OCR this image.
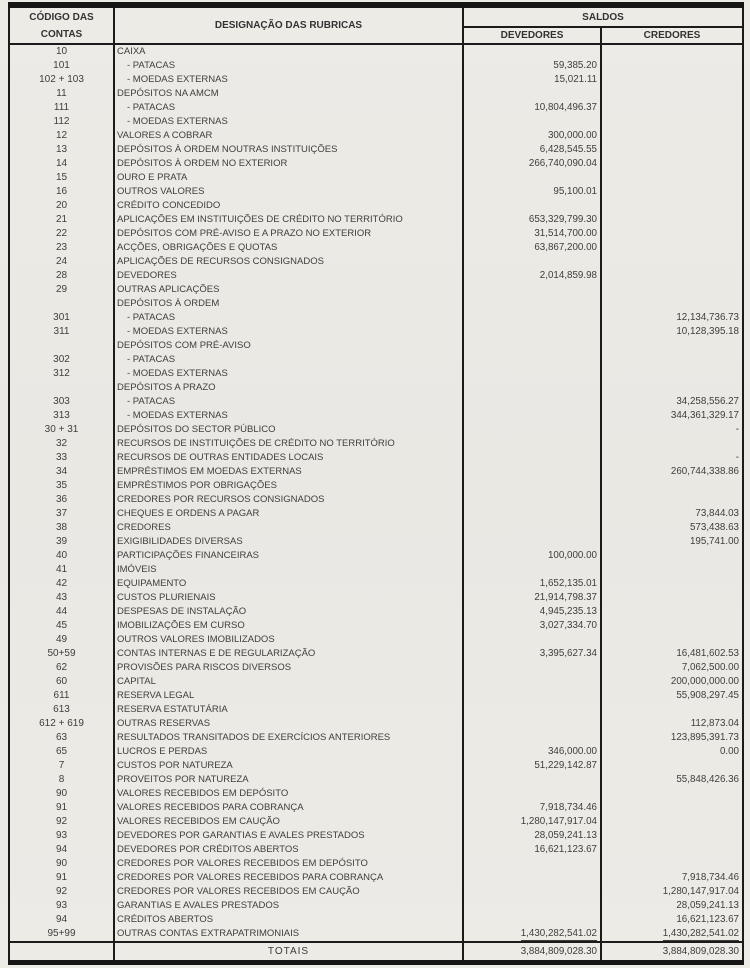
CÓDIGO DAS
CONTAS	DESIGNAÇÃO DAS RUBRICAS	SALDOS	
		DEVEDORES	CREDORES
10	CAIXA		
101	- PATACAS	59,385.20	
102 + 103	- MOEDAS EXTERNAS	15,021.11	
11	DEPÓSITOS NA AMCM		
111	- PATACAS	10,804,496.37	
112	- MOEDAS EXTERNAS		
12	VALORES A COBRAR	300,000.00	
13	DEPÓSITOS À ORDEM NOUTRAS INSTITUIÇÕES	6,428,545.55	
14	DEPÓSITOS À ORDEM NO EXTERIOR	266,740,090.04	
15	OURO E PRATA		
16	OUTROS VALORES	95,100.01	
20	CRÉDITO CONCEDIDO		
21	APLICAÇÕES EM INSTITUIÇÕES DE CRÉDITO NO TERRITÓRIO	653,329,799.30	
22	DEPÓSITOS COM PRÉ-AVISO E A PRAZO NO EXTERIOR	31,514,700.00	
23	ACÇÕES, OBRIGAÇÕES E QUOTAS	63,867,200.00	
24	APLICAÇÕES DE RECURSOS CONSIGNADOS		
28	DEVEDORES	2,014,859.98	
29	OUTRAS APLICAÇÕES		
	DEPÓSITOS À ORDEM		
301	- PATACAS		12,134,736.73
311	- MOEDAS EXTERNAS		10,128,395.18
	DEPÓSITOS COM PRÉ-AVISO		
302	- PATACAS		
312	- MOEDAS EXTERNAS		
	DEPÓSITOS A PRAZO		
303	- PATACAS		34,258,556.27
313	- MOEDAS EXTERNAS		344,361,329.17
30 + 31	DEPÓSITOS DO SECTOR PÚBLICO		-
32	RECURSOS DE INSTITUIÇÕES DE CRÉDITO NO TERRITÓRIO		
33	RECURSOS DE OUTRAS ENTIDADES LOCAIS		-
34	EMPRÉSTIMOS EM MOEDAS EXTERNAS		260,744,338.86
35	EMPRÉSTIMOS POR OBRIGAÇÕES		
36	CREDORES POR RECURSOS CONSIGNADOS		
37	CHEQUES E ORDENS A PAGAR		73,844.03
38	CREDORES		573,438.63
39	EXIGIBILIDADES DIVERSAS		195,741.00
40	PARTICIPAÇÕES FINANCEIRAS	100,000.00	
41	IMÓVEIS		
42	EQUIPAMENTO	1,652,135.01	
43	CUSTOS PLURIENAIS	21,914,798.37	
44	DESPESAS DE INSTALAÇÃO	4,945,235.13	
45	IMOBILIZAÇÕES EM CURSO	3,027,334.70	
49	OUTROS VALORES IMOBILIZADOS		
50+59	CONTAS INTERNAS E DE REGULARIZAÇÃO	3,395,627.34	16,481,602.53
62	PROVISÕES PARA RISCOS DIVERSOS		7,062,500.00
60	CAPITAL		200,000,000.00
611	RESERVA LEGAL		55,908,297.45
613	RESERVA ESTATUTÁRIA		
612 + 619	OUTRAS RESERVAS		112,873.04
63	RESULTADOS TRANSITADOS DE EXERCÍCIOS ANTERIORES		123,895,391.73
65	LUCROS E PERDAS	346,000.00	0.00
7	CUSTOS POR NATUREZA	51,229,142.87	
8	PROVEITOS POR NATUREZA		55,848,426.36
90	VALORES RECEBIDOS EM DEPÓSITO		
91	VALORES RECEBIDOS PARA COBRANÇA	7,918,734.46	
92	VALORES RECEBIDOS EM CAUÇÃO	1,280,147,917.04	
93	DEVEDORES POR GARANTIAS E AVALES PRESTADOS	28,059,241.13	
94	DEVEDORES POR CRÉDITOS ABERTOS	16,621,123.67	
90	CREDORES POR VALORES RECEBIDOS EM DEPÓSITO		
91	CREDORES POR VALORES RECEBIDOS PARA COBRANÇA		7,918,734.46
92	CREDORES POR VALORES RECEBIDOS EM CAUÇÃO		1,280,147,917.04
93	GARANTIAS E AVALES PRESTADOS		28,059,241.13
94	CRÉDITOS ABERTOS		16,621,123.67
95+99	OUTRAS CONTAS EXTRAPATRIMONIAIS	1,430,282,541.02	1,430,282,541.02
	TOTAIS	3,884,809,028.30	3,884,809,028.30
